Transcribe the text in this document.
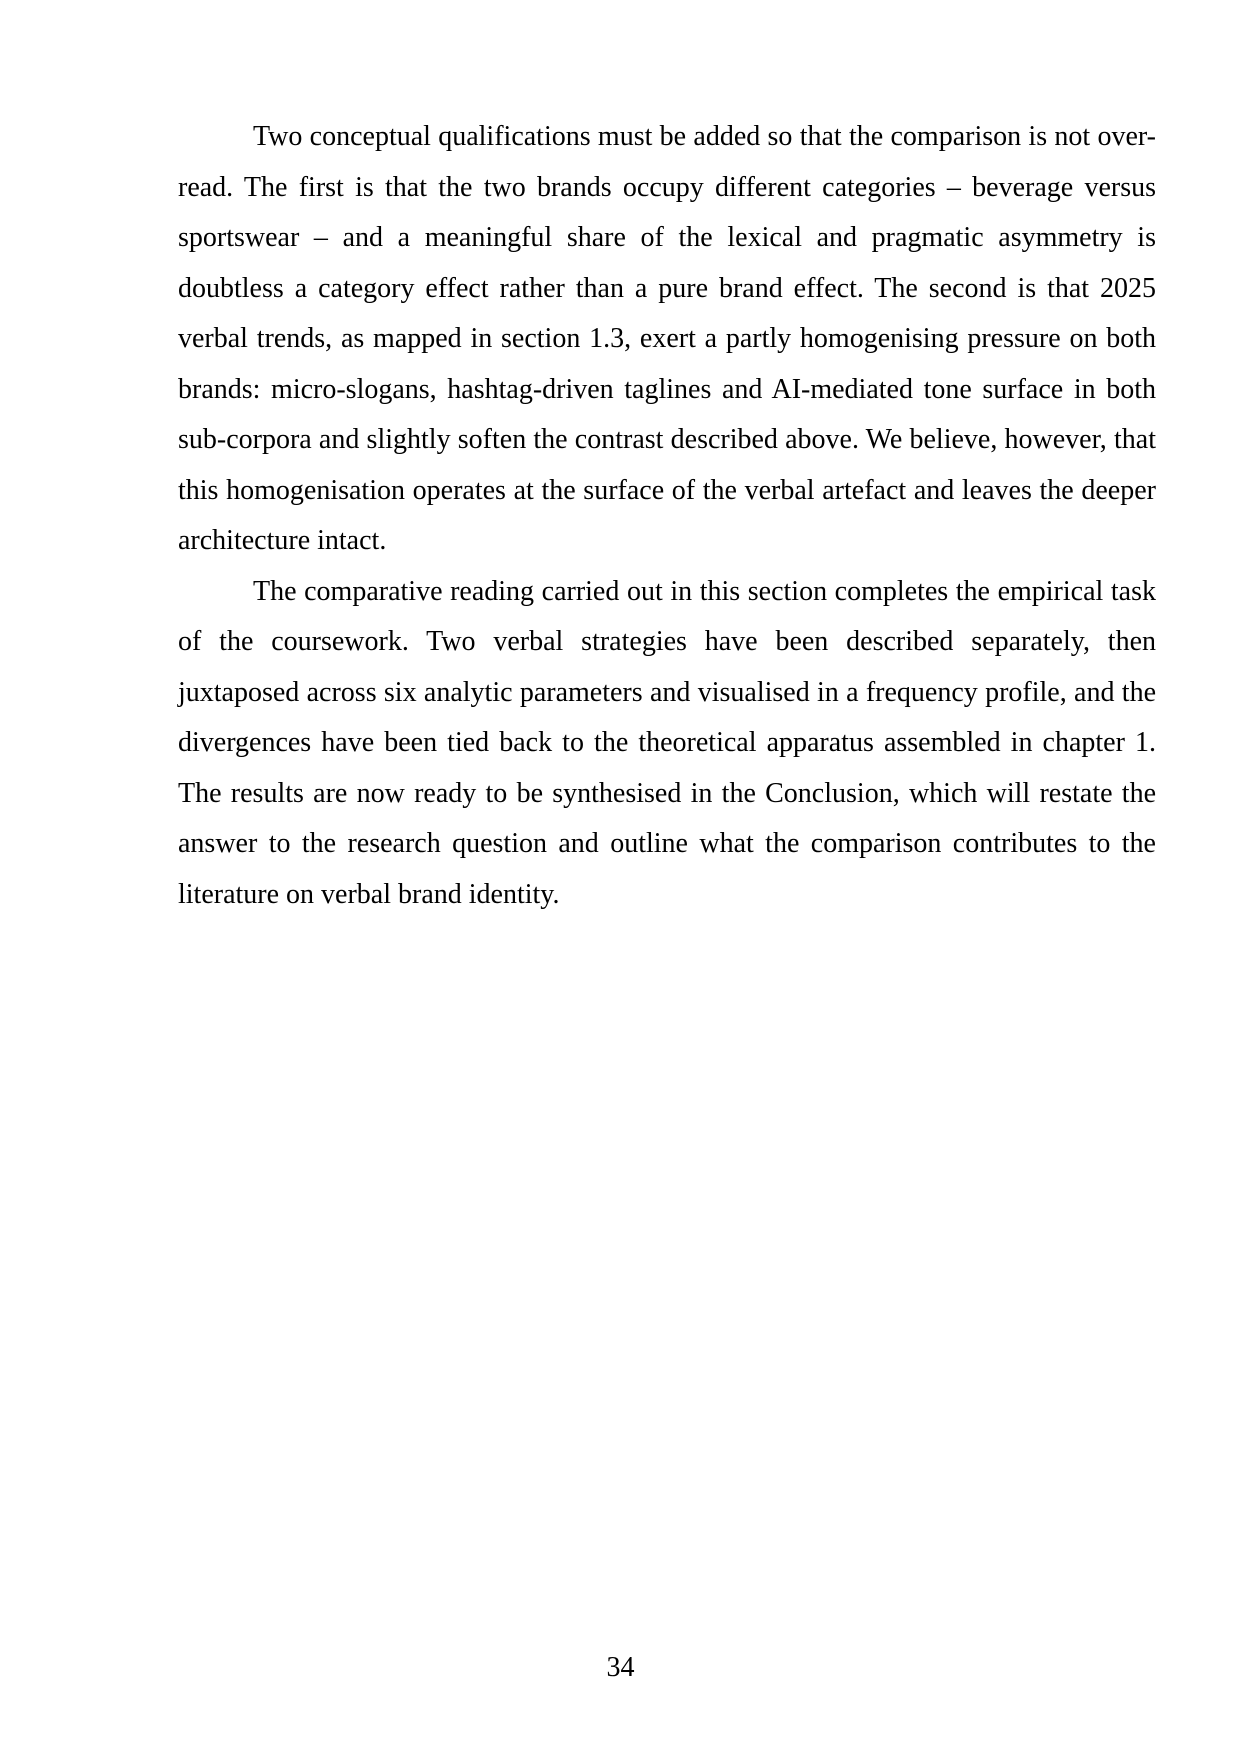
Two conceptual qualifications must be added so that the comparison is not over-read. The first is that the two brands occupy different categories – beverage versus sportswear – and a meaningful share of the lexical and pragmatic asymmetry is doubtless a category effect rather than a pure brand effect. The second is that 2025 verbal trends, as mapped in section 1.3, exert a partly homogenising pressure on both brands: micro-slogans, hashtag-driven taglines and AI-mediated tone surface in both sub-corpora and slightly soften the contrast described above. We believe, however, that this homogenisation operates at the surface of the verbal artefact and leaves the deeper architecture intact.

The comparative reading carried out in this section completes the empirical task of the coursework. Two verbal strategies have been described separately, then juxtaposed across six analytic parameters and visualised in a frequency profile, and the divergences have been tied back to the theoretical apparatus assembled in chapter 1. The results are now ready to be synthesised in the Conclusion, which will restate the answer to the research question and outline what the comparison contributes to the literature on verbal brand identity.

34
